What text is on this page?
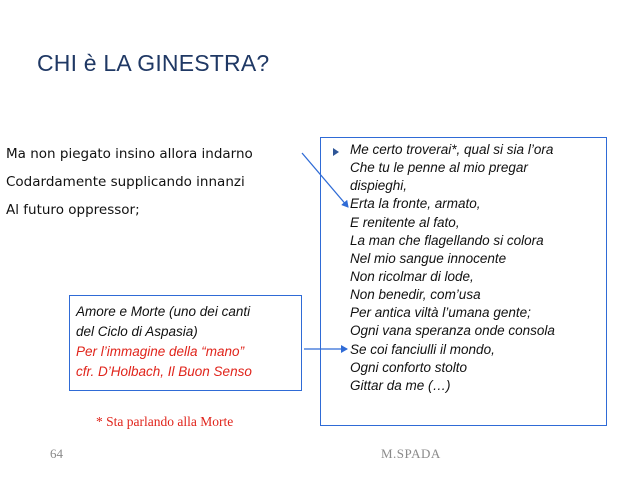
CHI è LA GINESTRA?
Ma non piegato insino allora indarno
Codardamente supplicando innanzi
Al futuro oppressor;
Me certo troverai*, qual si sia l’ora
Che tu le penne al mio pregar
dispieghi,
Erta la fronte, armato,
E renitente al fato,
La man che flagellando si colora
Nel mio sangue innocente
Non ricolmar di lode,
Non benedir, com’usa
Per antica viltà l’umana gente;
Ogni vana speranza onde consola
Se coi fanciulli il mondo,
Ogni conforto stolto
Gittar da me (…)
Amore e Morte (uno dei canti
del Ciclo di Aspasia)
Per l’immagine della “mano”
cfr. D’Holbach, Il Buon Senso
* Sta parlando alla Morte
64	M.SPADA
